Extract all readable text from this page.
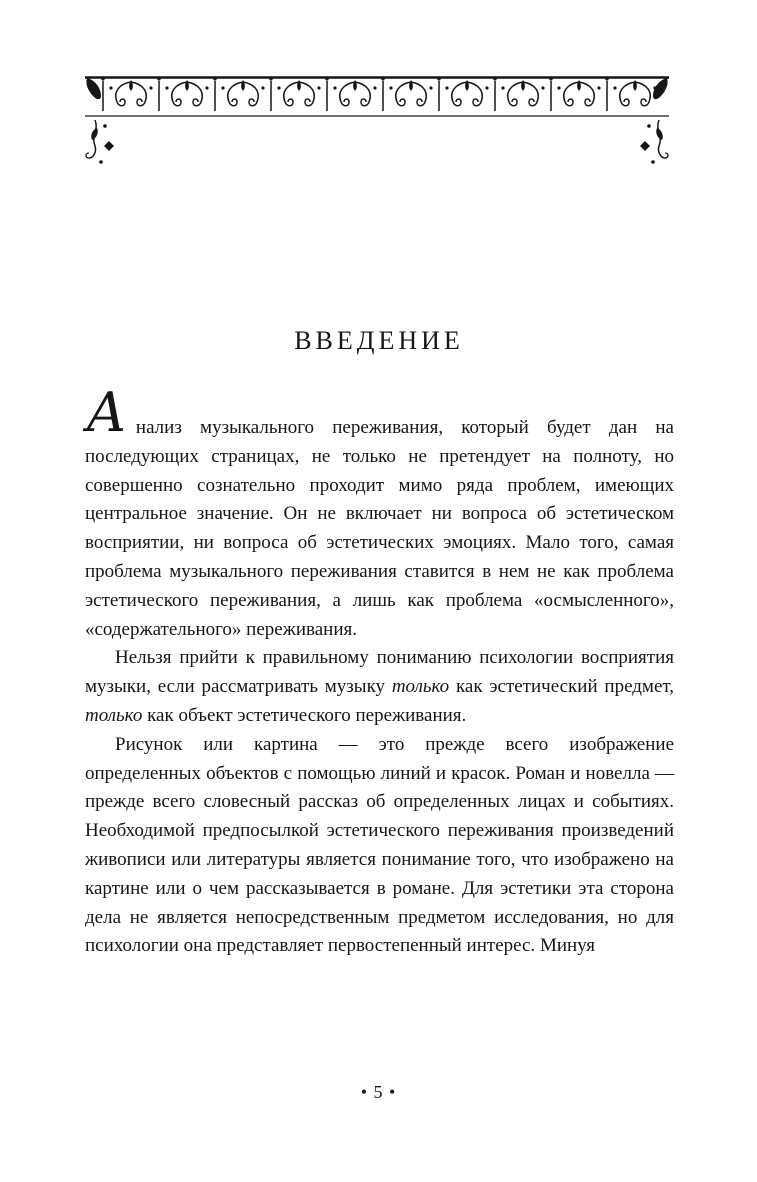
ВВЕДЕНИЕ

Анализ музыкального переживания, который будет дан на последующих страницах, не только не претендует на полноту, но совершенно сознательно проходит мимо ряда проблем, имеющих центральное значение. Он не включает ни вопроса об эстетическом восприятии, ни вопроса об эстетических эмоциях. Мало того, самая проблема музыкального переживания ставится в нем не как проблема эстетического переживания, а лишь как проблема «осмысленного», «содержательного» переживания.

Нельзя прийти к правильному пониманию психологии восприятия музыки, если рассматривать музыку только как эстетический предмет, только как объект эстетического переживания.

Рисунок или картина — это прежде всего изображение определенных объектов с помощью линий и красок. Роман и новелла — прежде всего словесный рассказ об определенных лицах и событиях. Необходимой предпосылкой эстетического переживания произведений живописи или литературы является понимание того, что изображено на картине или о чем рассказывается в романе. Для эстетики эта сторона дела не является непосредственным предметом исследования, но для психологии она представляет первостепенный интерес. Минуя

• 5 •
